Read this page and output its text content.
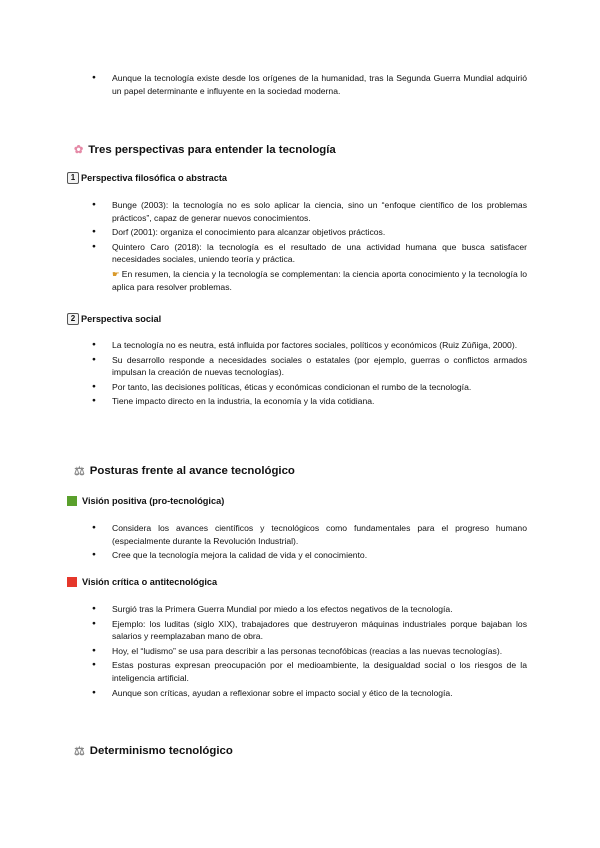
● Aunque la tecnología existe desde los orígenes de la humanidad, tras la Segunda Guerra Mundial adquirió un papel determinante e influyente en la sociedad moderna.
✿ Tres perspectivas para entender la tecnología
1 Perspectiva filosófica o abstracta
● Bunge (2003): la tecnología no es solo aplicar la ciencia, sino un “enfoque científico de los problemas prácticos”, capaz de generar nuevos conocimientos.
● Dorf (2001): organiza el conocimiento para alcanzar objetivos prácticos.
● Quintero Caro (2018): la tecnología es el resultado de una actividad humana que busca satisfacer necesidades sociales, uniendo teoría y práctica.
☛ En resumen, la ciencia y la tecnología se complementan: la ciencia aporta conocimiento y la tecnología lo aplica para resolver problemas.
2 Perspectiva social
● La tecnología no es neutra, está influida por factores sociales, políticos y económicos (Ruiz Zúñiga, 2000).
● Su desarrollo responde a necesidades sociales o estatales (por ejemplo, guerras o conflictos armados impulsan la creación de nuevas tecnologías).
● Por tanto, las decisiones políticas, éticas y económicas condicionan el rumbo de la tecnología.
● Tiene impacto directo en la industria, la economía y la vida cotidiana.
⚖ Posturas frente al avance tecnológico
Visión positiva (pro-tecnológica)
● Considera los avances científicos y tecnológicos como fundamentales para el progreso humano (especialmente durante la Revolución Industrial).
● Cree que la tecnología mejora la calidad de vida y el conocimiento.
Visión crítica o antitecnológica
● Surgió tras la Primera Guerra Mundial por miedo a los efectos negativos de la tecnología.
● Ejemplo: los luditas (siglo XIX), trabajadores que destruyeron máquinas industriales porque bajaban los salarios y reemplazaban mano de obra.
● Hoy, el “ludismo” se usa para describir a las personas tecnofóbicas (reacias a las nuevas tecnologías).
● Estas posturas expresan preocupación por el medioambiente, la desigualdad social o los riesgos de la inteligencia artificial.
● Aunque son críticas, ayudan a reflexionar sobre el impacto social y ético de la tecnología.
⚖ Determinismo tecnológico
